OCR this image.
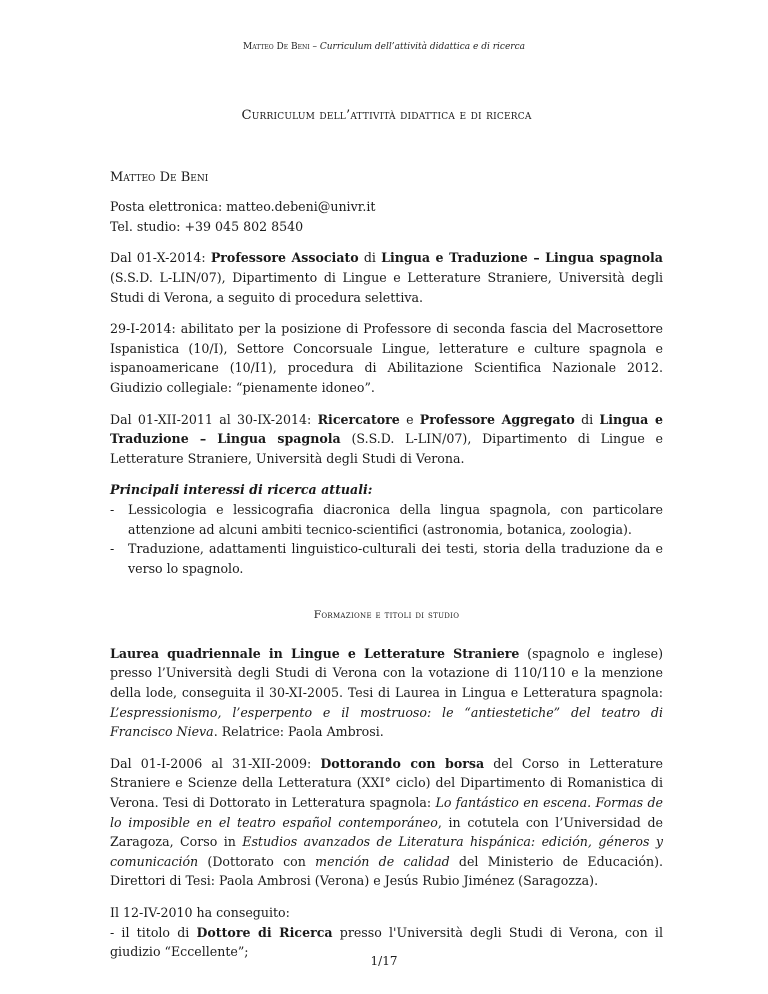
Matteo De Beni – Curriculum dell’attività didattica e di ricerca
Curriculum dell’attività didattica e di ricerca
Matteo De Beni

Posta elettronica: matteo.debeni@univr.it

Tel. studio: +39 045 802 8540

Dal 01-X-2014: Professore Associato di Lingua e Traduzione – Lingua spagnola (S.S.D. L-LIN/07), Dipartimento di Lingue e Letterature Straniere, Università degli Studi di Verona, a seguito di procedura selettiva.

29-I-2014: abilitato per la posizione di Professore di seconda fascia del Macrosettore Ispanistica (10/I), Settore Concorsuale Lingue, letterature e culture spagnola e ispanoamericane (10/I1), procedura di Abilitazione Scientifica Nazionale 2012. Giudizio collegiale: “pienamente idoneo”.

Dal 01-XII-2011 al 30-IX-2014: Ricercatore e Professore Aggregato di Lingua e Traduzione – Lingua spagnola (S.S.D. L-LIN/07), Dipartimento di Lingue e Letterature Straniere, Università degli Studi di Verona.

Principali interessi di ricerca attuali:

- Lessicologia e lessicografia diacronica della lingua spagnola, con particolare attenzione ad alcuni ambiti tecnico-scientifici (astronomia, botanica, zoologia).
- Traduzione, adattamenti linguistico-culturali dei testi, storia della traduzione da e verso lo spagnolo.
Formazione e titoli di studio

Laurea quadriennale in Lingue e Letterature Straniere (spagnolo e inglese) presso l’Università degli Studi di Verona con la votazione di 110/110 e la menzione della lode, conseguita il 30-XI-2005. Tesi di Laurea in Lingua e Letteratura spagnola: L’espressionismo, l’esperpento e il mostruoso: le “antiestetiche” del teatro di Francisco Nieva. Relatrice: Paola Ambrosi.

Dal 01-I-2006 al 31-XII-2009: Dottorando con borsa del Corso in Letterature Straniere e Scienze della Letteratura (XXI° ciclo) del Dipartimento di Romanistica di Verona. Tesi di Dottorato in Letteratura spagnola: Lo fantástico en escena. Formas de lo imposible en el teatro español contemporáneo, in cotutela con l’Universidad de Zaragoza, Corso in Estudios avanzados de Literatura hispánica: edición, géneros y comunicación (Dottorato con mención de calidad del Ministerio de Educación). Direttori di Tesi: Paola Ambrosi (Verona) e Jesús Rubio Jiménez (Saragozza).

Il 12-IV-2010 ha conseguito:
- il titolo di Dottore di Ricerca presso l'Università degli Studi di Verona, con il giudizio “Eccellente”;

1/17
